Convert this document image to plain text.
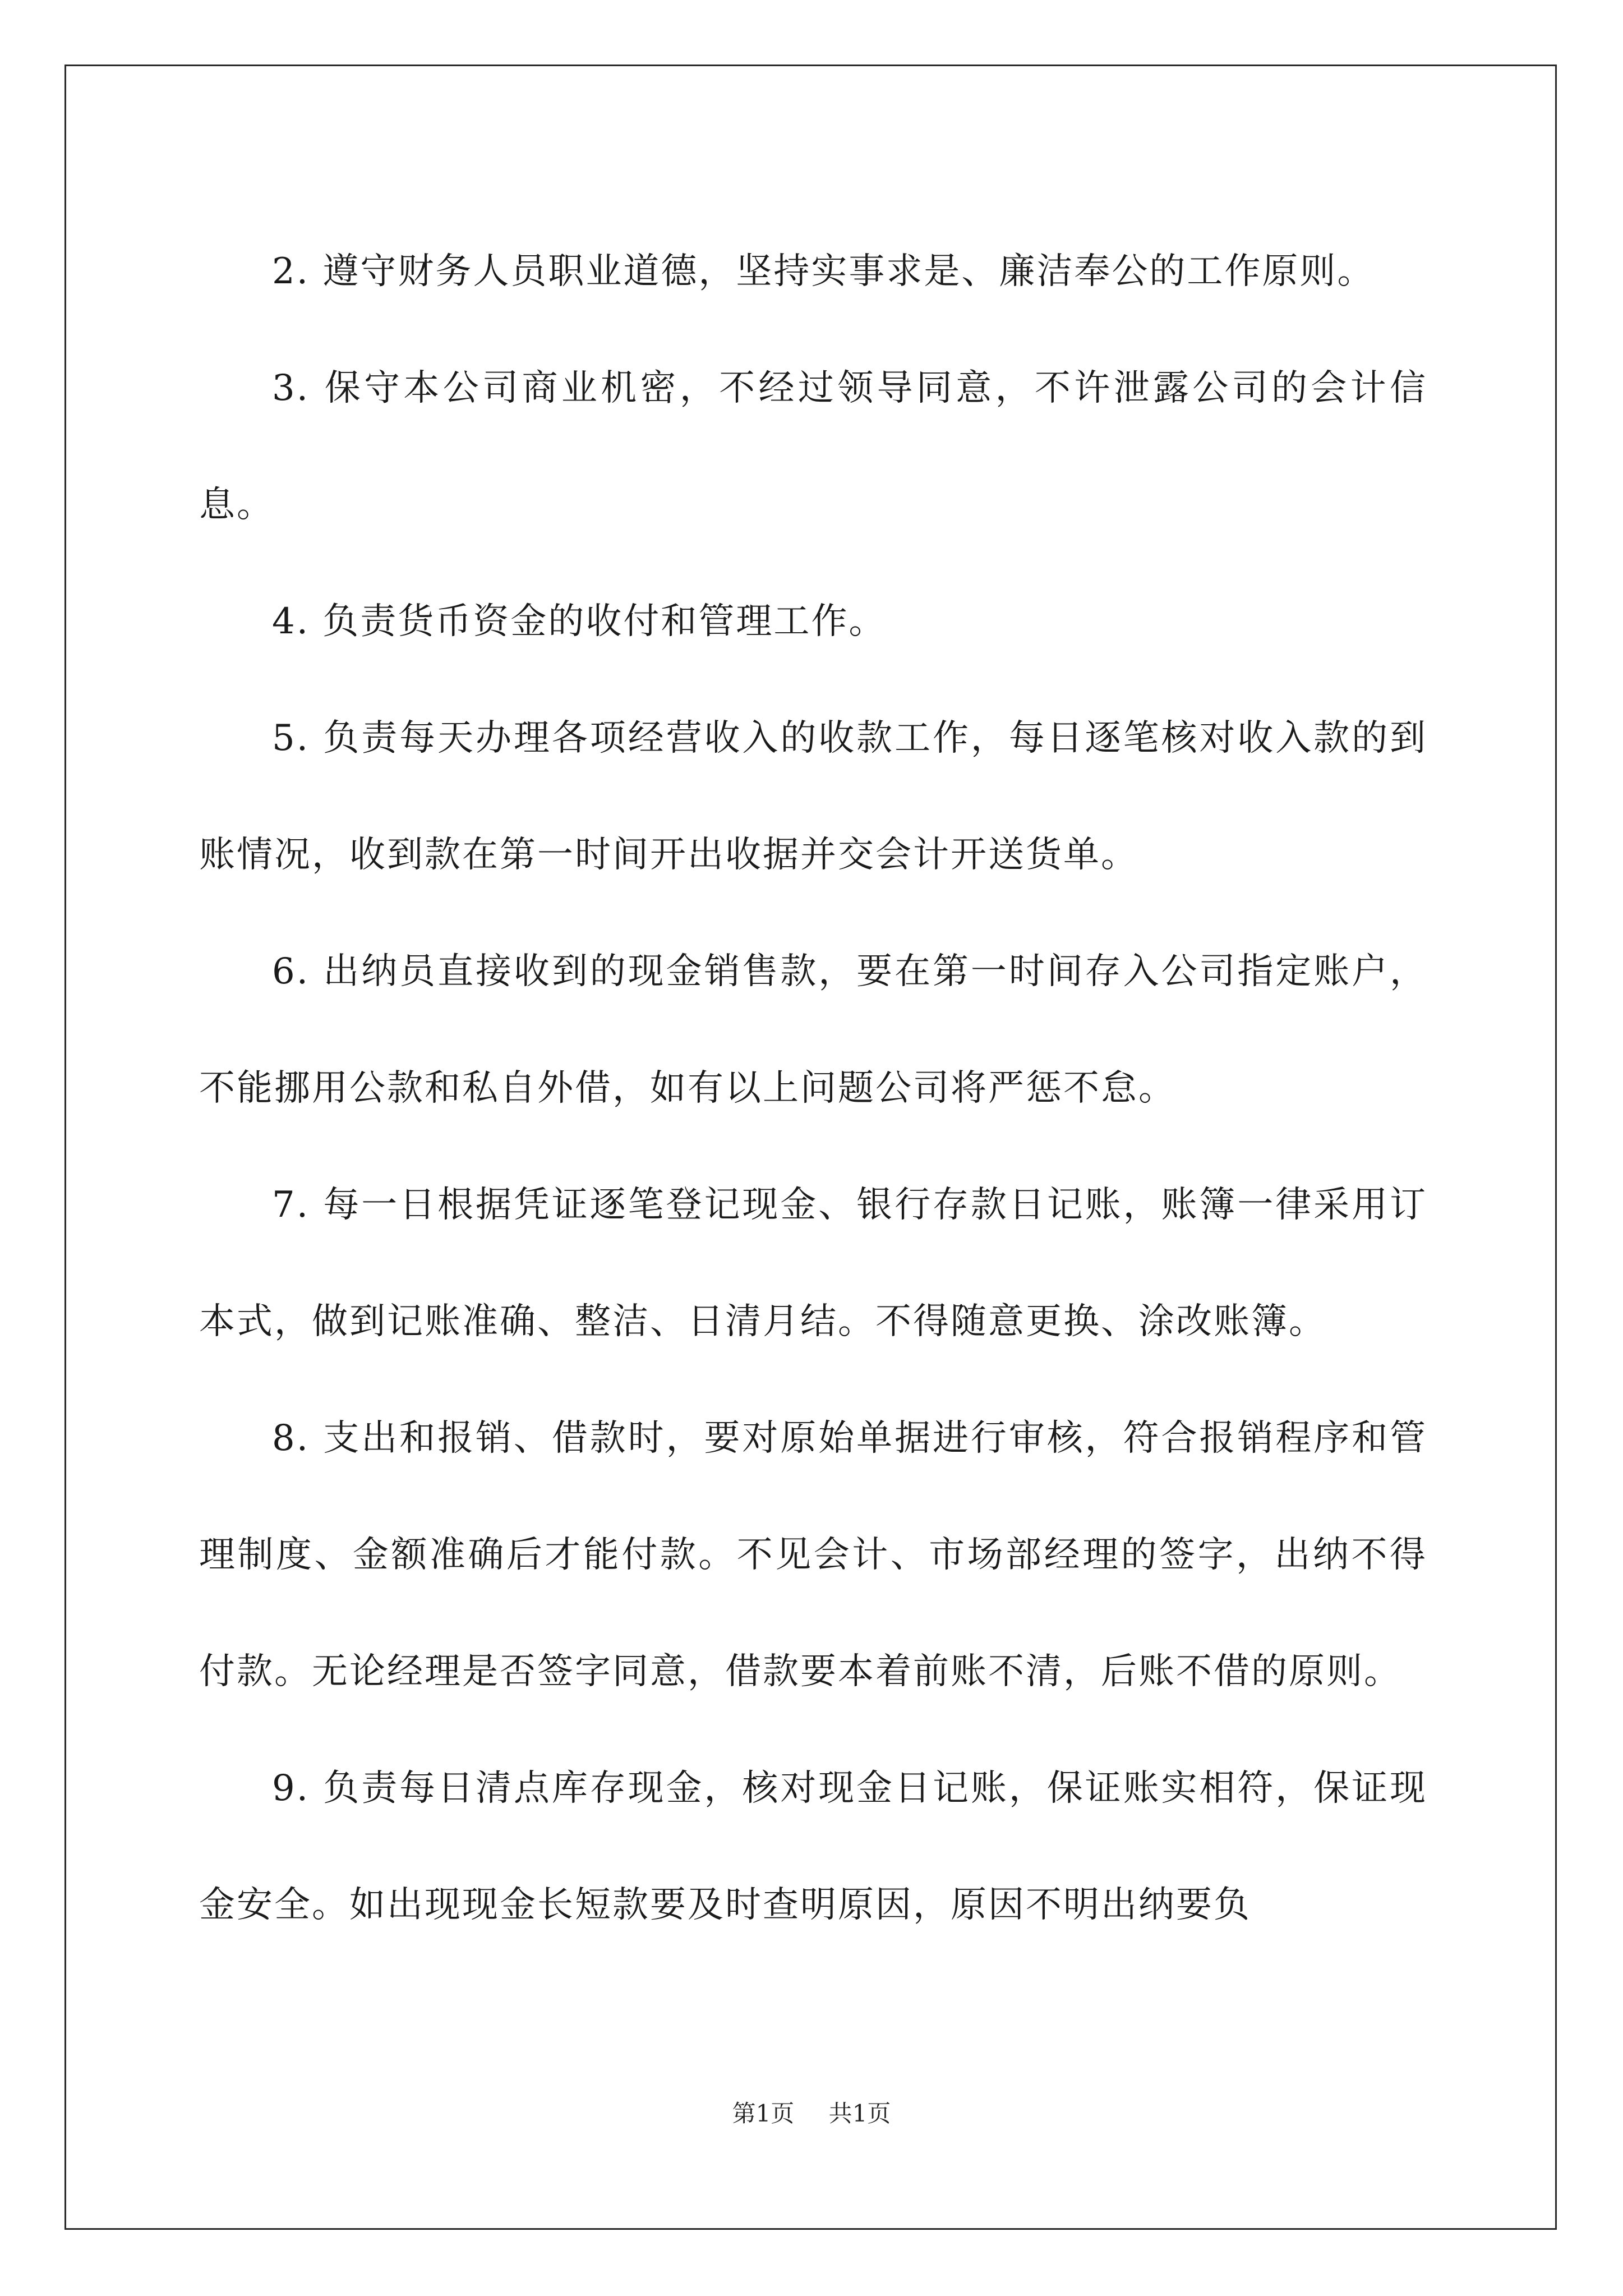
2. 遵守财务人员职业道德，坚持实事求是、廉洁奉公的工作原则。

3. 保守本公司商业机密，不经过领导同意，不许泄露公司的会计信息。

4. 负责货币资金的收付和管理工作。

5. 负责每天办理各项经营收入的收款工作，每日逐笔核对收入款的到账情况，收到款在第一时间开出收据并交会计开送货单。

6. 出纳员直接收到的现金销售款，要在第一时间存入公司指定账户，不能挪用公款和私自外借，如有以上问题公司将严惩不怠。

7. 每一日根据凭证逐笔登记现金、银行存款日记账，账簿一律采用订本式，做到记账准确、整洁、日清月结。不得随意更换、涂改账簿。

8. 支出和报销、借款时，要对原始单据进行审核，符合报销程序和管理制度、金额准确后才能付款。不见会计、市场部经理的签字，出纳不得付款。无论经理是否签字同意，借款要本着前账不清，后账不借的原则。

9. 负责每日清点库存现金，核对现金日记账，保证账实相符，保证现金安全。如出现现金长短款要及时查明原因，原因不明出纳要负

第1页 共1页
